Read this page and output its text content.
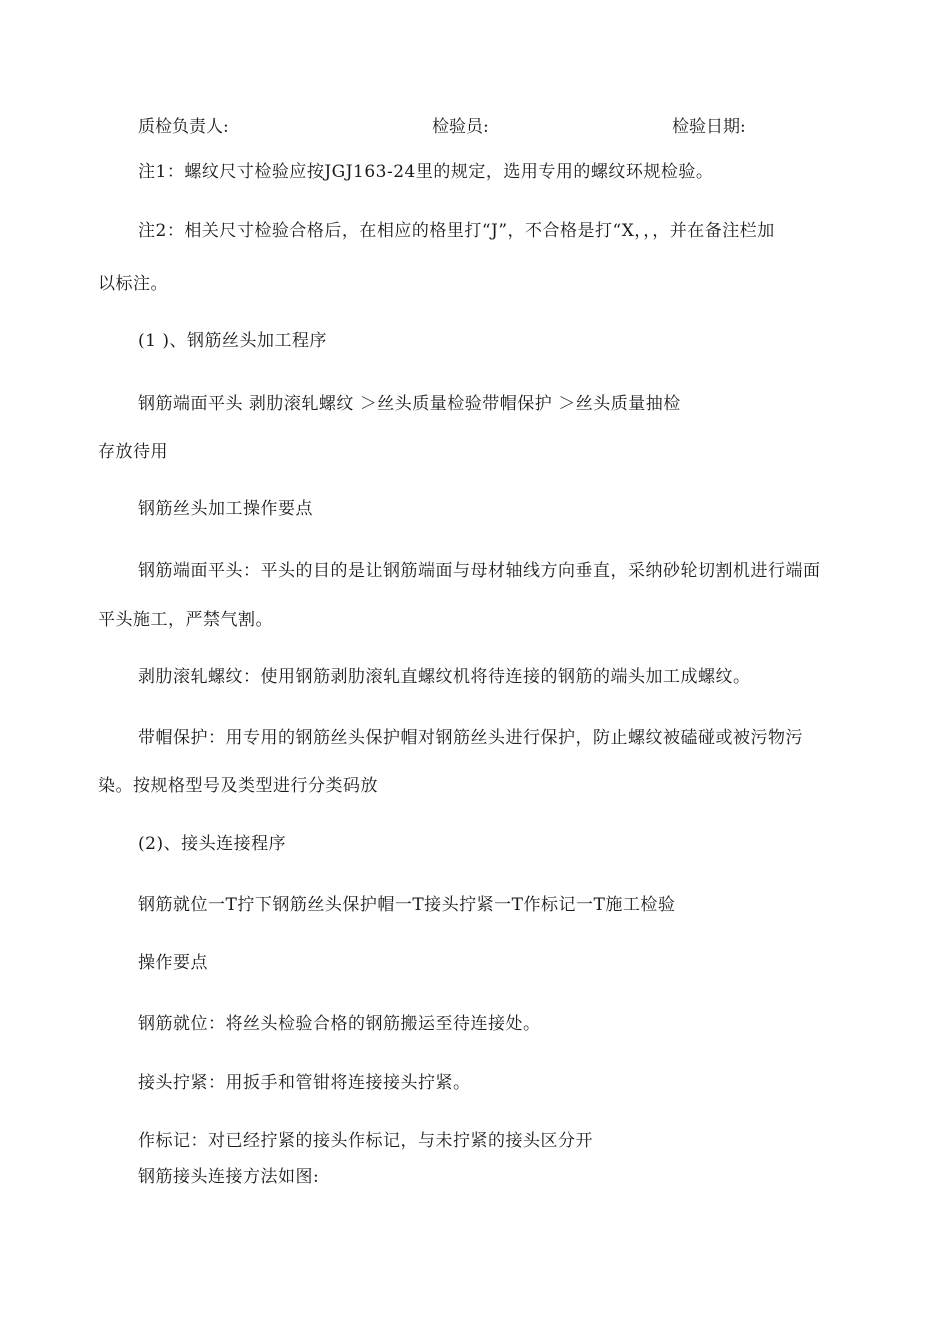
质检负责人:	检验员:	检验日期:
注1：螺纹尺寸检验应按JGJ163-24里的规定，选用专用的螺纹环规检验。
注2：相关尺寸检验合格后，在相应的格里打“J”，不合格是打“X，，，并在备注栏加
以标注。
(1 )、钢筋丝头加工程序
钢筋端面平头 剥肋滚轧螺纹 ＞丝头质量检验带帽保护 ＞丝头质量抽检
存放待用
钢筋丝头加工操作要点
钢筋端面平头：平头的目的是让钢筋端面与母材轴线方向垂直，采纳砂轮切割机进行端面
平头施工，严禁气割。
剥肋滚轧螺纹：使用钢筋剥肋滚轧直螺纹机将待连接的钢筋的端头加工成螺纹。
带帽保护：用专用的钢筋丝头保护帽对钢筋丝头进行保护，防止螺纹被磕碰或被污物污
染。按规格型号及类型进行分类码放
(2)、接头连接程序
钢筋就位一T拧下钢筋丝头保护帽一T接头拧紧一T作标记一T施工检验
操作要点
钢筋就位：将丝头检验合格的钢筋搬运至待连接处。
接头拧紧：用扳手和管钳将连接接头拧紧。
作标记：对已经拧紧的接头作标记，与未拧紧的接头区分开
钢筋接头连接方法如图:
